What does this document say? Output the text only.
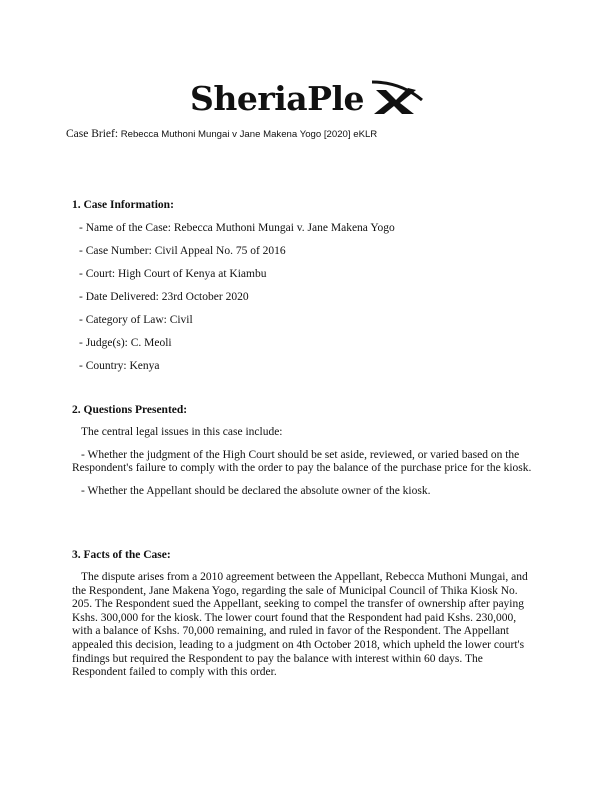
SheriaPle
Case Brief: Rebecca Muthoni Mungai v Jane Makena Yogo [2020] eKLR

1. Case Information:

- Name of the Case: Rebecca Muthoni Mungai v. Jane Makena Yogo

- Case Number: Civil Appeal No. 75 of 2016

- Court: High Court of Kenya at Kiambu

- Date Delivered: 23rd October 2020

- Category of Law: Civil

- Judge(s): C. Meoli

- Country: Kenya

2. Questions Presented:

The central legal issues in this case include:

- Whether the judgment of the High Court should be set aside, reviewed, or varied based on the Respondent's failure to comply with the order to pay the balance of the purchase price for the kiosk.

- Whether the Appellant should be declared the absolute owner of the kiosk.

3. Facts of the Case:

The dispute arises from a 2010 agreement between the Appellant, Rebecca Muthoni Mungai, and the Respondent, Jane Makena Yogo, regarding the sale of Municipal Council of Thika Kiosk No. 205. The Respondent sued the Appellant, seeking to compel the transfer of ownership after paying Kshs. 300,000 for the kiosk. The lower court found that the Respondent had paid Kshs. 230,000, with a balance of Kshs. 70,000 remaining, and ruled in favor of the Respondent. The Appellant appealed this decision, leading to a judgment on 4th October 2018, which upheld the lower court's findings but required the Respondent to pay the balance with interest within 60 days. The Respondent failed to comply with this order.
